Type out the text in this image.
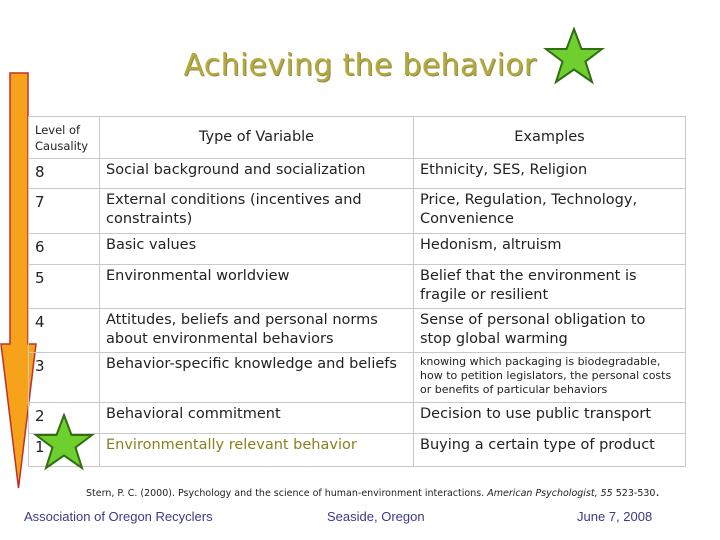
Achieving the behavior
Level of Causality	Type of Variable	Examples
8	Social background and socialization	Ethnicity, SES, Religion
7	External conditions (incentives and constraints)	Price, Regulation, Technology, Convenience
6	Basic values	Hedonism, altruism
5	Environmental worldview	Belief that the environment is fragile or resilient
4	Attitudes, beliefs and personal norms about environmental behaviors	Sense of personal obligation to stop global warming
3	Behavior-specific knowledge and beliefs	knowing which packaging is biodegradable, how to petition legislators, the personal costs or benefits of particular behaviors
2	Behavioral commitment	Decision to use public transport
1	Environmentally relevant behavior	Buying a certain type of product
Stern, P. C. (2000). Psychology and the science of human-environment interactions. American Psychologist, 55 523-530.
Association of Oregon Recyclers	Seaside, Oregon	June 7, 2008
